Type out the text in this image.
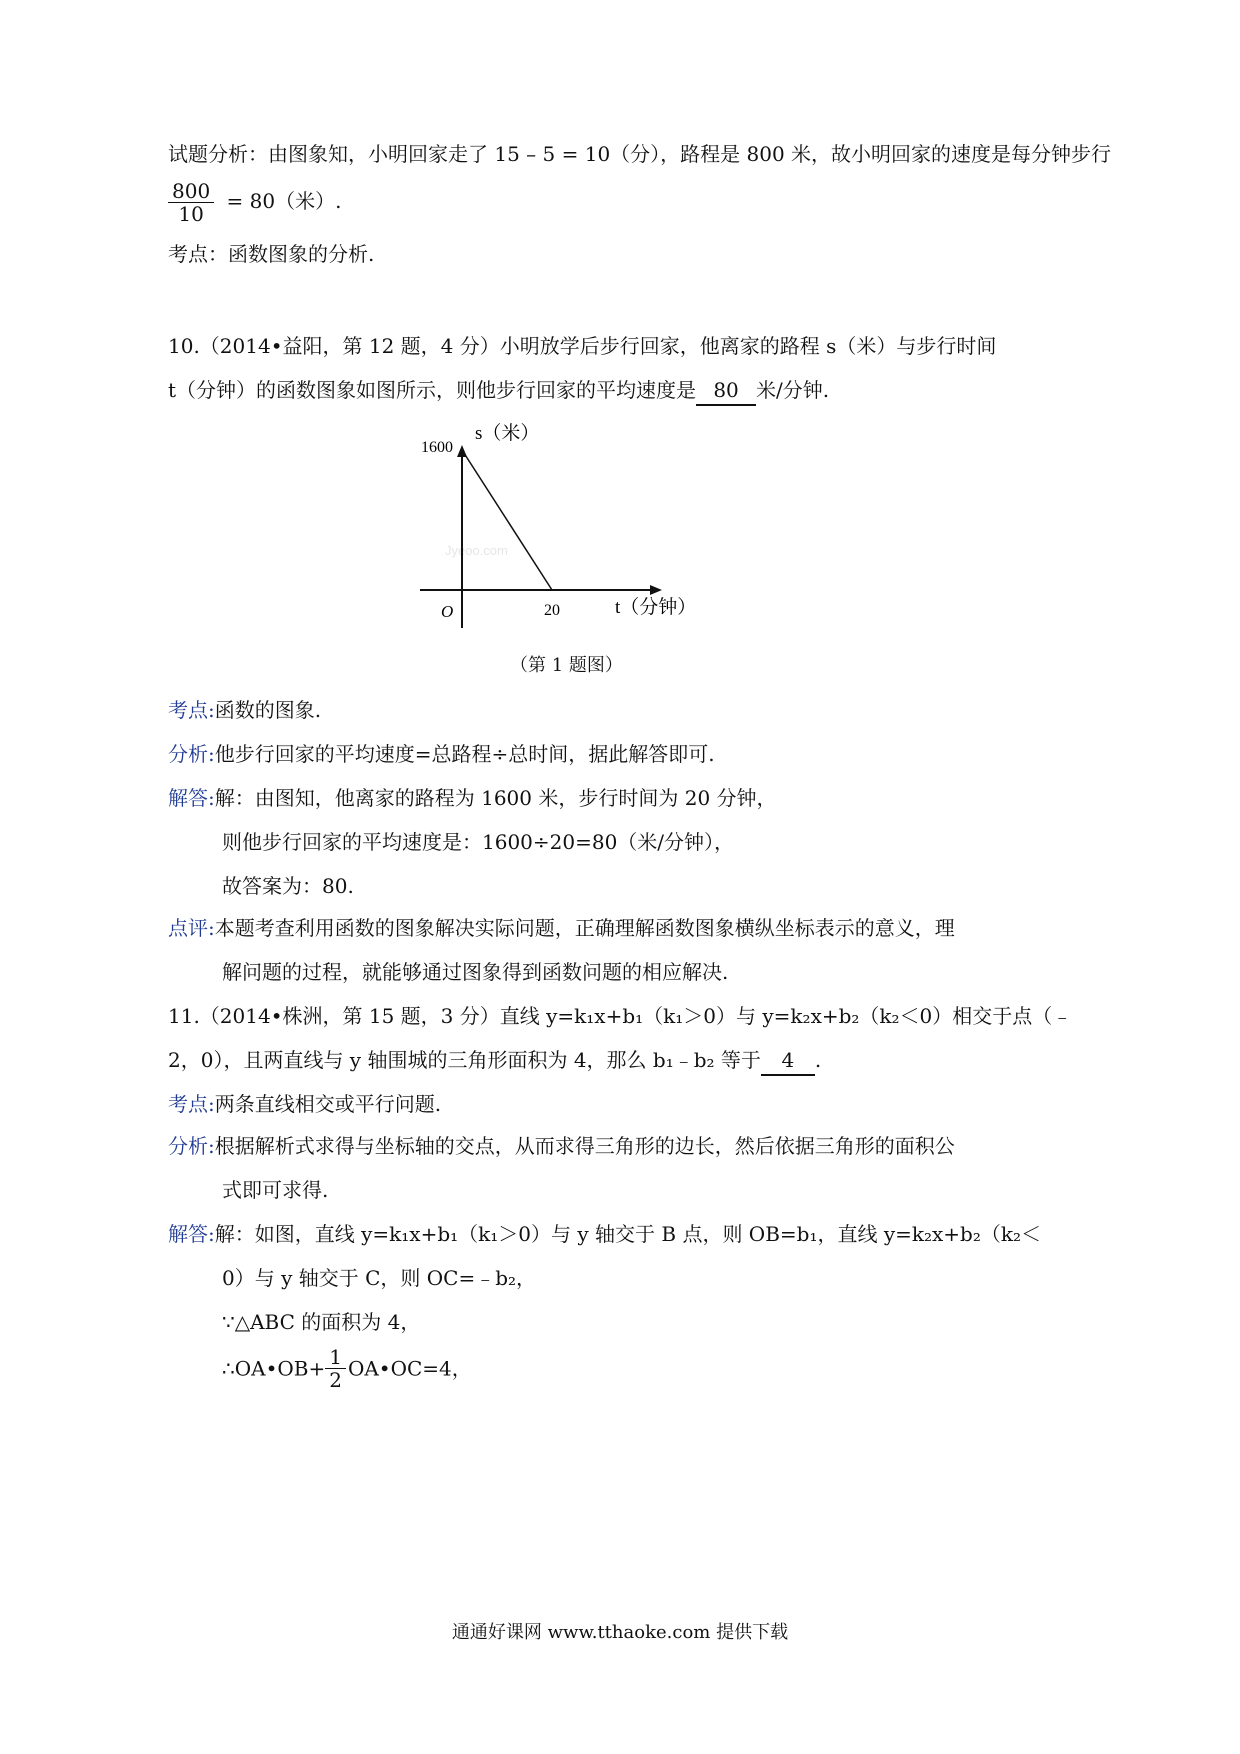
试题分析：由图象知，小明回家走了 15 – 5 = 10（分），路程是 800 米，故小明回家的速度是每分钟步行
$\frac{800}{10} = 80$（米）.
考点：函数图象的分析.
10.（2014•益阳，第 12 题，4 分）小明放学后步行回家，他离家的路程 s（米）与步行时间
t（分钟）的函数图象如图所示，则他步行回家的平均速度是 80 米/分钟.
Jyeoo.com
1600
20
O
s（米）
t（分钟）
（第 1 题图）
考点:函数的图象.
分析:他步行回家的平均速度=总路程÷总时间，据此解答即可.
解答:解：由图知，他离家的路程为 1600 米，步行时间为 20 分钟，
则他步行回家的平均速度是：1600÷20=80（米/分钟），
故答案为：80.
点评:本题考查利用函数的图象解决实际问题，正确理解函数图象横纵坐标表示的意义，理
解问题的过程，就能够通过图象得到函数问题的相应解决.
11.（2014•株洲，第 15 题，3 分）直线 y=k₁x+b₁（k₁＞0）与 y=k₂x+b₂（k₂＜0）相交于点（﹣
2，0），且两直线与 y 轴围城的三角形面积为 4，那么 b₁﹣b₂ 等于 4 .
考点:两条直线相交或平行问题.
分析:根据解析式求得与坐标轴的交点，从而求得三角形的边长，然后依据三角形的面积公
式即可求得.
解答:解：如图，直线 y=k₁x+b₁（k₁＞0）与 y 轴交于 B 点，则 OB=b₁，直线 y=k₂x+b₂（k₂＜
0）与 y 轴交于 C，则 OC=﹣b₂，
∵△ABC 的面积为 4，
∴OA•OB+ $\frac{1}{2}$ OA•OC=4，
通通好课网 www.tthaoke.com 提供下载
